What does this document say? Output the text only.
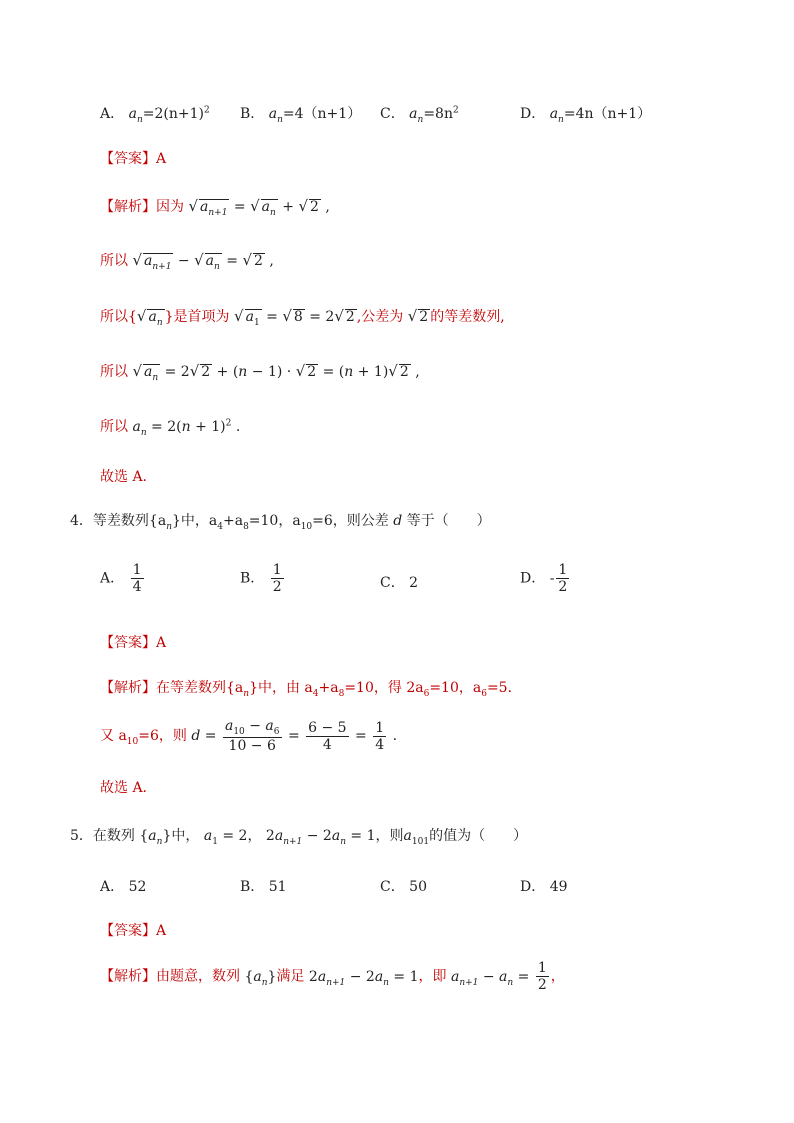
A． $a_n=2(n+1)^2$ B． $a_n=4(n+1)$ C． $a_n=8n^2$	D． $a_n=4n(n+1)$
【答案】A
【解析】因为 √ $a_{n+1}$ = √ $a_n$ + √ 2 ,
所以 √ $a_{n+1}$ − √ $a_n$ = √ 2 ,
所以{√ $a_n$ }是首项为 √ $a_1$ = √ 8 = 2√ 2 ,公差为 √ 2 的等差数列,
所以 √ $a_n = 2√$ 2 + (n − 1) · √ 2 = (n + 1)√ 2 ,
所以 $a_n = 2(n + 1)^2$ .
故选 A.
4．等差数列$\{a_n\}$中，$a_4+a_8=10$，$a_{10}=6$，则公差 d 等于（　　）
A． $\frac{1}{4}$	B． $\frac{1}{2}$	C． 2	D． - $\frac{1}{2}$
【答案】A
【解析】在等差数列$\{a_n\}$中，由 $a_4+a_8=10$，得 $2a_6=10$，$a_6=5$．
又 $a_{10}=6$，则 $d = \frac{a_{10} - a_6}{10 - 6} = \frac{6 - 5}{4} = \frac{1}{4}$ .
故选 A．
5．在数列 $\{a_n\}$中， $a_1 = 2$， $2a_{n+1} - 2a_n = 1$，则$a_{101}$的值为（　　）
A． 52	B． 51	C． 50	D． 49
【答案】A
【解析】由题意，数列 $\{a_n\}$满足 $2a_{n+1} - 2a_n = 1$，即 $a_{n+1} - a_n = \frac{1}{2}$ ，
